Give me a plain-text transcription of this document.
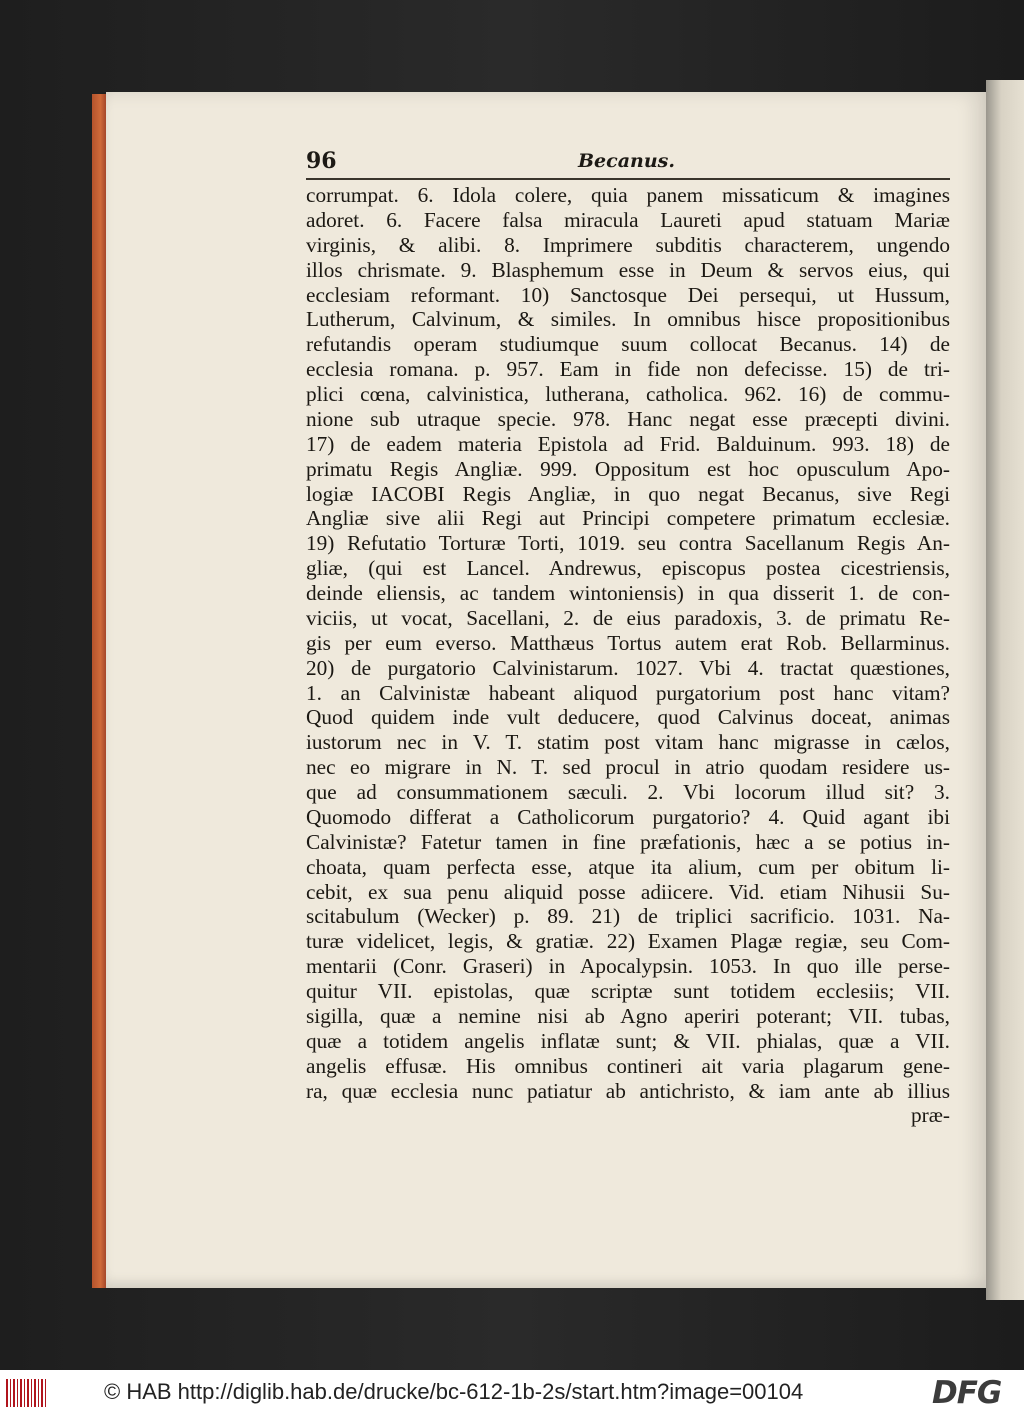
96	Becanus.
corrumpat. 6. Idola colere, quia panem missaticum & imagines
adoret. 6. Facere falsa miracula Laureti apud statuam Mariæ
virginis, & alibi. 8. Imprimere subditis characterem, ungendo
illos chrismate. 9. Blasphemum esse in Deum & servos eius, qui
ecclesiam reformant. 10) Sanctosque Dei persequi, ut Hussum,
Lutherum, Calvinum, & similes. In omnibus hisce propositionibus
refutandis operam studiumque suum collocat Becanus. 14) de
ecclesia romana. p. 957. Eam in fide non defecisse. 15) de tri-
plici cœna, calvinistica, lutherana, catholica. 962. 16) de commu-
nione sub utraque specie. 978. Hanc negat esse præcepti divini.
17) de eadem materia Epistola ad Frid. Balduinum. 993. 18) de
primatu Regis Angliæ. 999. Oppositum est hoc opusculum Apo-
logiæ IACOBI Regis Angliæ, in quo negat Becanus, sive Regi
Angliæ sive alii Regi aut Principi competere primatum ecclesiæ.
19) Refutatio Torturæ Torti, 1019. seu contra Sacellanum Regis An-
gliæ, (qui est Lancel. Andrewus, episcopus postea cicestriensis,
deinde eliensis, ac tandem wintoniensis) in qua disserit 1. de con-
viciis, ut vocat, Sacellani, 2. de eius paradoxis, 3. de primatu Re-
gis per eum everso. Matthæus Tortus autem erat Rob. Bellarminus.
20) de purgatorio Calvinistarum. 1027. Vbi 4. tractat quæstiones,
1. an Calvinistæ habeant aliquod purgatorium post hanc vitam?
Quod quidem inde vult deducere, quod Calvinus doceat, animas
iustorum nec in V. T. statim post vitam hanc migrasse in cælos,
nec eo migrare in N. T. sed procul in atrio quodam residere us-
que ad consummationem sæculi. 2. Vbi locorum illud sit? 3.
Quomodo differat a Catholicorum purgatorio? 4. Quid agant ibi
Calvinistæ? Fatetur tamen in fine præfationis, hæc a se potius in-
choata, quam perfecta esse, atque ita alium, cum per obitum li-
cebit, ex sua penu aliquid posse adiicere. Vid. etiam Nihusii Su-
scitabulum (Wecker) p. 89. 21) de triplici sacrificio. 1031. Na-
turæ videlicet, legis, & gratiæ. 22) Examen Plagæ regiæ, seu Com-
mentarii (Conr. Graseri) in Apocalypsin. 1053. In quo ille perse-
quitur VII. epistolas, quæ scriptæ sunt totidem ecclesiis; VII.
sigilla, quæ a nemine nisi ab Agno aperiri poterant; VII. tubas,
quæ a totidem angelis inflatæ sunt; & VII. phialas, quæ a VII.
angelis effusæ. His omnibus contineri ait varia plagarum gene-
ra, quæ ecclesia nunc patiatur ab antichristo, & iam ante ab illius
præ-
© HAB http://diglib.hab.de/drucke/bc-612-1b-2s/start.htm?image=00104	DFG
